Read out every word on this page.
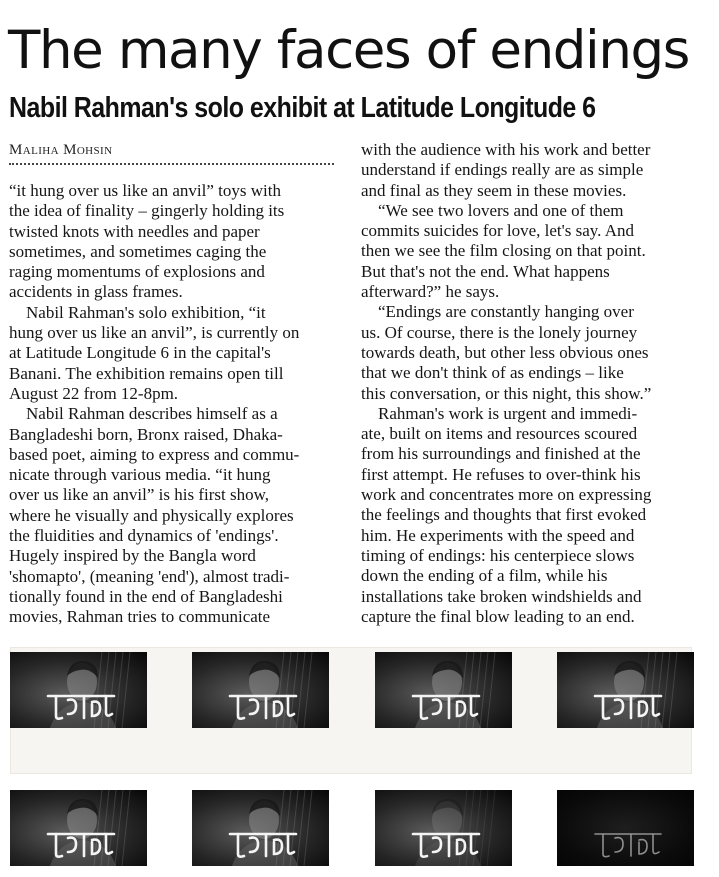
The many faces of endings
Nabil Rahman's solo exhibit at Latitude Longitude 6
Maliha Mohsin
“it hung over us like an anvil” toys with
the idea of finality – gingerly holding its
twisted knots with needles and paper
sometimes, and sometimes caging the
raging momentums of explosions and
accidents in glass frames.
Nabil Rahman's solo exhibition, “it
hung over us like an anvil”, is currently on
at Latitude Longitude 6 in the capital's
Banani. The exhibition remains open till
August 22 from 12-8pm.
Nabil Rahman describes himself as a
Bangladeshi born, Bronx raised, Dhaka-
based poet, aiming to express and commu-
nicate through various media. “it hung
over us like an anvil” is his first show,
where he visually and physically explores
the fluidities and dynamics of 'endings'.
Hugely inspired by the Bangla word
'shomapto', (meaning 'end'), almost tradi-
tionally found in the end of Bangladeshi
movies, Rahman tries to communicate
with the audience with his work and better
understand if endings really are as simple
and final as they seem in these movies.
“We see two lovers and one of them
commits suicides for love, let's say. And
then we see the film closing on that point.
But that's not the end. What happens
afterward?” he says.
“Endings are constantly hanging over
us. Of course, there is the lonely journey
towards death, but other less obvious ones
that we don't think of as endings – like
this conversation, or this night, this show.”
Rahman's work is urgent and immedi-
ate, built on items and resources scoured
from his surroundings and finished at the
first attempt. He refuses to over-think his
work and concentrates more on expressing
the feelings and thoughts that first evoked
him. He experiments with the speed and
timing of endings: his centerpiece slows
down the ending of a film, while his
installations take broken windshields and
capture the final blow leading to an end.
